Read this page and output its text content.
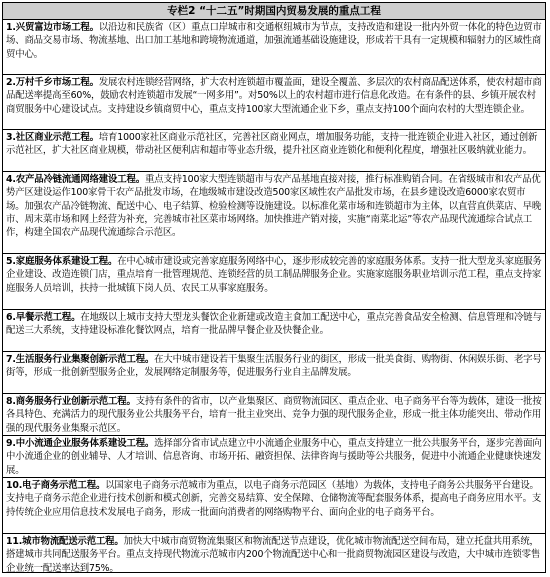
专栏2 “十二五”时期国内贸易发展的重点工程
1.兴贸富边市场工程。以沿边和民族省（区）重点口岸城市和交通枢纽城市为节点，支持改造和建设一批内外贸一体化的特色边贸市场、商品交易市场、物流基地、出口加工基地和跨境物流通道，加强流通基础设施建设，形成若干具有一定规模和辐射力的区域性商贸中心。
2.万村千乡市场工程。发展农村连锁经营网络，扩大农村连锁超市覆盖面，建设全覆盖、多层次的农村商品配送体系，使农村超市商品配送率提高至60%，鼓励农村连锁超市发展“一网多用”。对50%以上的农村超市进行信息化改造。在有条件的县、乡镇开展农村商贸服务中心建设试点。支持建设乡镇商贸中心，重点支持100家大型流通企业下乡，重点支持100个面向农村的大型连锁企业。
3.社区商业示范工程。培育1000家社区商业示范社区，完善社区商业网点，增加服务功能，支持一批连锁企业进入社区，通过创新示范社区，扩大社区商业规模，带动社区便利店和超市等业态升级，提升社区商业连锁化和便利化程度，增强社区吸纳就业能力。
4.农产品冷链流通网络建设工程。重点支持100家大型连锁超市与农产品基地直接对接，推行标准购销合同。在省级城市和农产品优势产区建设运作100家骨干农产品批发市场，在地级城市建设改造500家区域性农产品批发市场，在县乡建设改造6000家农贸市场。加强农产品冷链物流、配送中心、电子结算、检验检测等设施建设。以标准化菜市场和连锁超市为主体，以直营直供菜店、早晚市、周末菜市场和网上经营为补充，完善城市社区菜市场网络。加快推进产销对接，实施“南菜北运”等农产品现代流通综合试点工作，构建全国农产品现代流通综合示范区。
5.家庭服务体系建设工程。在中心城市建设或完善家庭服务网络中心，逐步形成较完善的家庭服务体系。支持一批大型龙头家庭服务企业建设、改造连锁门店，重点培育一批管理规范、连锁经营的员工制品牌服务企业。实施家庭服务职业培训示范工程，重点支持家庭服务人员培训，扶持一批城镇下岗人员、农民工从事家庭服务。
6.早餐示范工程。在地级以上城市支持大型龙头餐饮企业新建或改造主食加工配送中心，重点完善食品安全检测、信息管理和冷链与配送三大系统，支持建设标准化餐饮网点，培育一批品牌早餐企业及快餐企业。
7.生活服务行业集聚创新示范工程。在大中城市建设若干集聚生活服务行业的街区，形成一批美食街、购物街、休闲娱乐街、老字号街等，形成一批创新型服务企业，发展网络定制服务等，促进服务行业自主品牌发展。
8.商务服务行业创新示范工程。支持有条件的省市，以产业集聚区、商贸物流园区、重点企业、电子商务平台等为载体，建设一批按各具特色、充满活力的现代服务业公共服务平台，培育一批主业突出、竞争力强的现代服务企业，形成一批主体功能突出、带动作用强的现代服务业集聚示范区。
9.中小流通企业服务体系建设工程。选择部分省市试点建立中小流通企业服务中心，重点支持建立一批公共服务平台，逐步完善面向中小流通企业的创业辅导、人才培训、信息咨询、市场开拓、融资担保、法律咨询与援助等公共服务，促进中小流通企业健康快速发展。
10.电子商务示范工程。以国家电子商务示范城市为重点，以电子商务示范园区（基地）为载体，支持电子商务公共服务平台建设。支持电子商务示范企业进行技术创新和模式创新，完善交易结算、安全保障、仓储物流等配套服务体系，提高电子商务应用水平。支持传统企业应用信息技术发展电子商务，形成一批面向消费者的网络购物平台、面向企业的电子商务平台。
11.城市物流配送示范工程。加快大中城市商贸物流集聚区和物流配送节点建设，优化城市物流配送空间布局，建立托盘共用系统，搭建城市共同配送服务平台。重点支持现代物流示范城市内200个物流配送中心和一批商贸物流园区建设与改造，大中城市连锁零售企业统一配送率达到75%。
